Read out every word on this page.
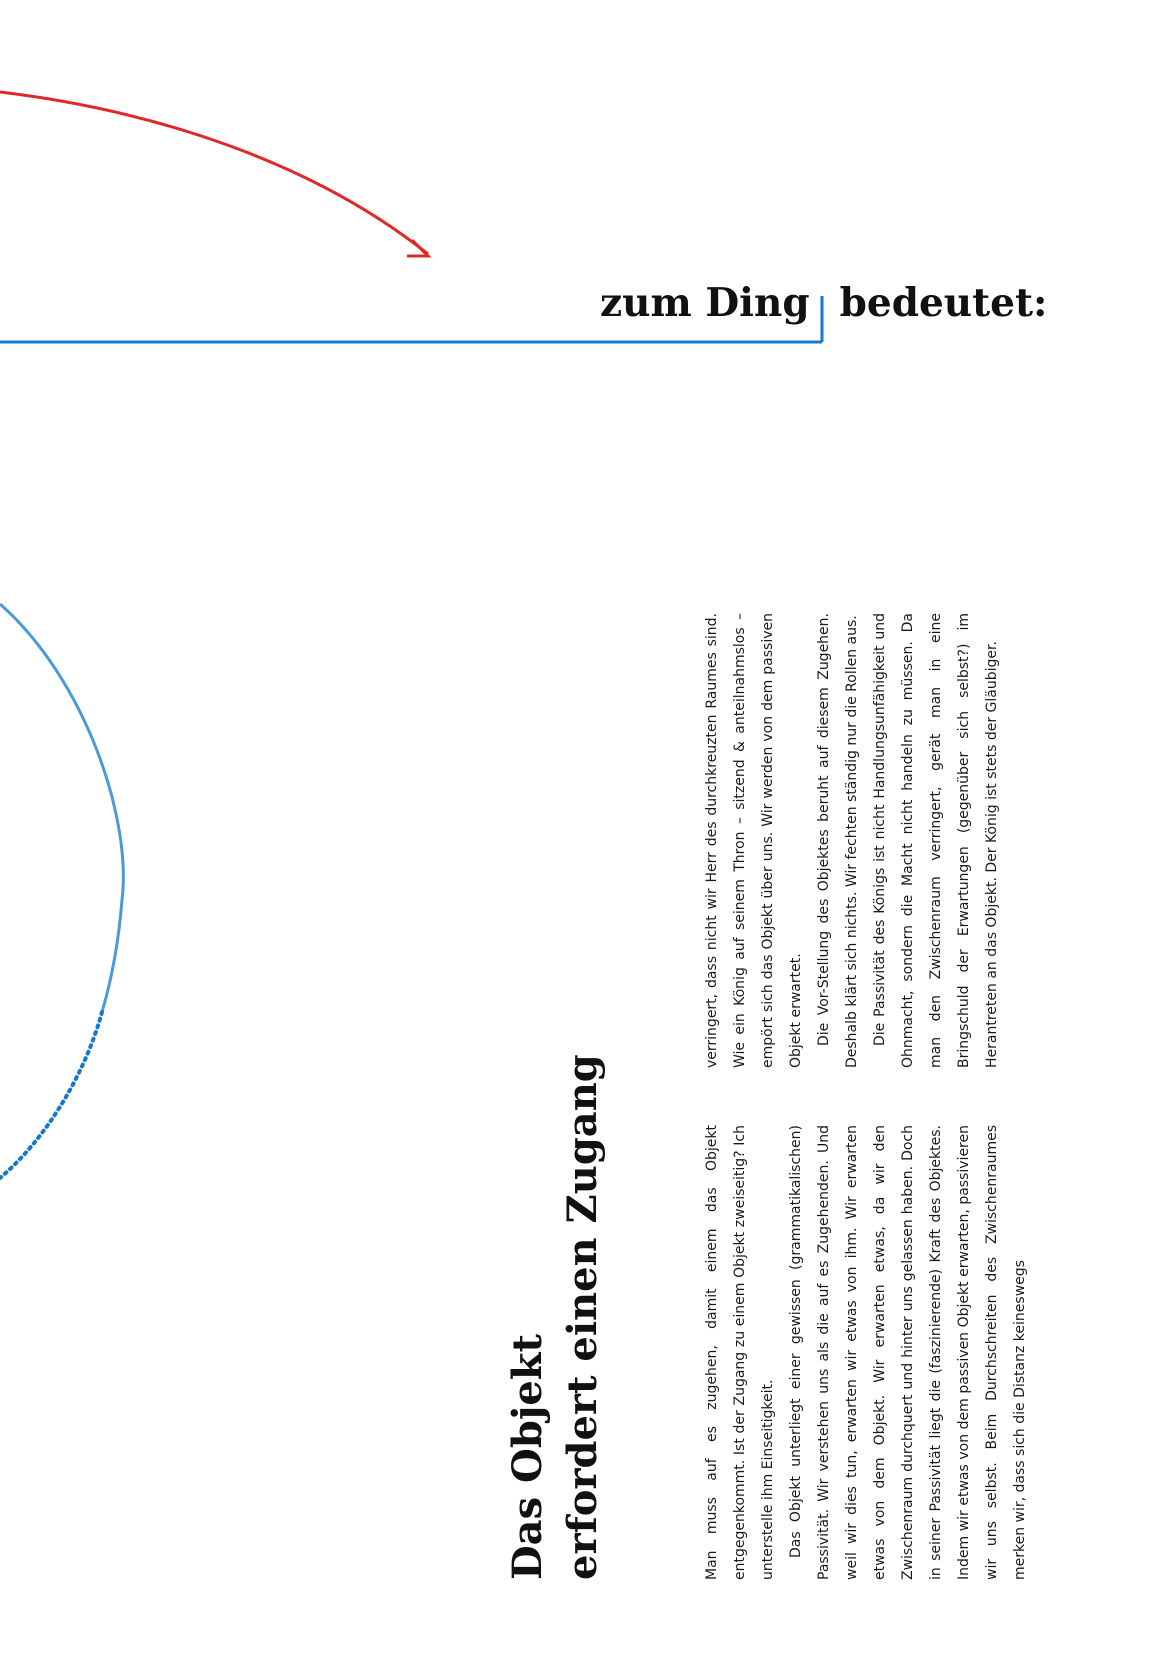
zum Ding bedeutet:
Das Objekt erfordert einen Zugang	Man muss auf es zugehen, damit einem das Objekt entgegenkommt. Ist der Zugang zu einem Objekt zweiseitig? Ich unterstelle ihm Einseitigkeit. Das Objekt unterliegt einer gewissen (grammatikalischen) Passivität. Wir verstehen uns als die auf es Zugehenden. Und weil wir dies tun, erwarten wir etwas von ihm. Wir erwarten etwas von dem Objekt. Wir erwarten etwas, da wir den Zwischenraum durchquert und hinter uns gelassen haben. Doch in seiner Passivität liegt die (faszinierende) Kraft des Objektes. Indem wir etwas von dem passiven Objekt erwarten, passivieren wir uns selbst. Beim Durchschreiten des Zwischenraumes merken wir, dass sich die Distanz keineswegs

verringert, dass nicht wir Herr des durchkreuzten Raumes sind. Wie ein König auf seinem Thron – sitzend & anteilnahmslos – empört sich das Objekt über uns. Wir werden von dem passiven Objekt erwartet. Die Vor-Stellung des Objektes beruht auf diesem Zugehen. Deshalb klärt sich nichts. Wir fechten ständig nur die Rollen aus. Die Passivität des Königs ist nicht Handlungsunfähigkeit und Ohnmacht, sondern die Macht nicht handeln zu müssen. Da man den Zwischenraum verringert, gerät man in eine Bringschuld der Erwartungen (gegenüber sich selbst?) im Herantreten an das Objekt. Der König ist stets der Gläubiger.
